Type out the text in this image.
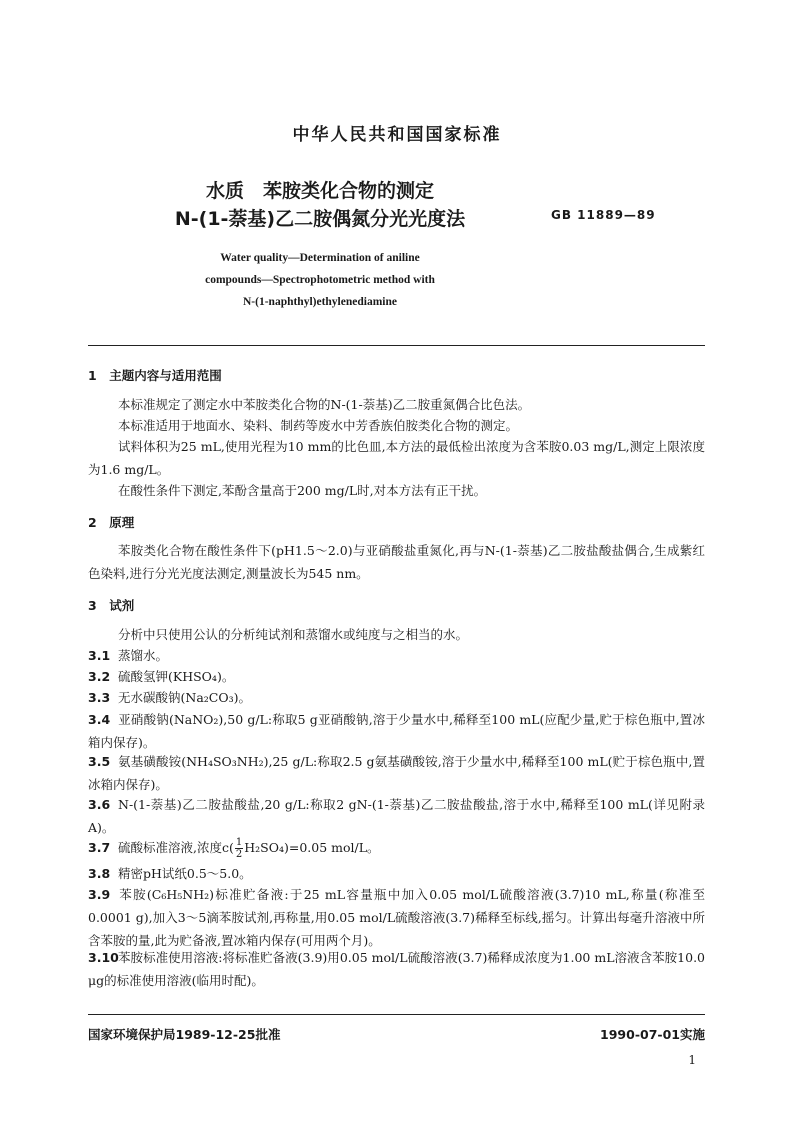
中华人民共和国国家标准
水质　苯胺类化合物的测定
N-(1-萘基)乙二胺偶氮分光光度法	GB 11889—89
Water quality—Determination of aniline
compounds—Spectrophotometric method with
N-(1-naphthyl)ethylenediamine
1　主题内容与适用范围
本标准规定了测定水中苯胺类化合物的N-(1-萘基)乙二胺重氮偶合比色法。
本标准适用于地面水、染料、制药等废水中芳香族伯胺类化合物的测定。
试料体积为25 mL,使用光程为10 mm的比色皿,本方法的最低检出浓度为含苯胺0.03 mg/L,测定上限浓度为1.6 mg/L。
在酸性条件下测定,苯酚含量高于200 mg/L时,对本方法有正干扰。
2　原理
苯胺类化合物在酸性条件下(pH1.5～2.0)与亚硝酸盐重氮化,再与N-(1-萘基)乙二胺盐酸盐偶合,生成紫红色染料,进行分光光度法测定,测量波长为545 nm。
3　试剂
分析中只使用公认的分析纯试剂和蒸馏水或纯度与之相当的水。
3.1 蒸馏水。
3.2 硫酸氢钾(KHSO₄)。
3.3 无水碳酸钠(Na₂CO₃)。
3.4 亚硝酸钠(NaNO₂),50 g/L:称取5 g亚硝酸钠,溶于少量水中,稀释至100 mL(应配少量,贮于棕色瓶中,置冰箱内保存)。
3.5 氨基磺酸铵(NH₄SO₃NH₂),25 g/L:称取2.5 g氨基磺酸铵,溶于少量水中,稀释至100 mL(贮于棕色瓶中,置冰箱内保存)。
3.6 N-(1-萘基)乙二胺盐酸盐,20 g/L:称取2 gN-(1-萘基)乙二胺盐酸盐,溶于水中,稀释至100 mL(详见附录A)。
3.7 硫酸标准溶液,浓度$c( \frac{1}{2} H_2SO_4)=0.05$ mol/L。
3.8 精密pH试纸0.5～5.0。
3.9 苯胺(C₆H₅NH₂)标准贮备液:于25 mL容量瓶中加入0.05 mol/L硫酸溶液(3.7)10 mL,称量(称准至0.0001 g),加入3～5滴苯胺试剂,再称量,用0.05 mol/L硫酸溶液(3.7)稀释至标线,摇匀。计算出每毫升溶液中所含苯胺的量,此为贮备液,置冰箱内保存(可用两个月)。
3.10苯胺标准使用溶液:将标准贮备液(3.9)用0.05 mol/L硫酸溶液(3.7)稀释成浓度为1.00 mL溶液含苯胺10.0 μg的标准使用溶液(临用时配)。
国家环境保护局1989-12-25批准	1990-07-01实施
1
